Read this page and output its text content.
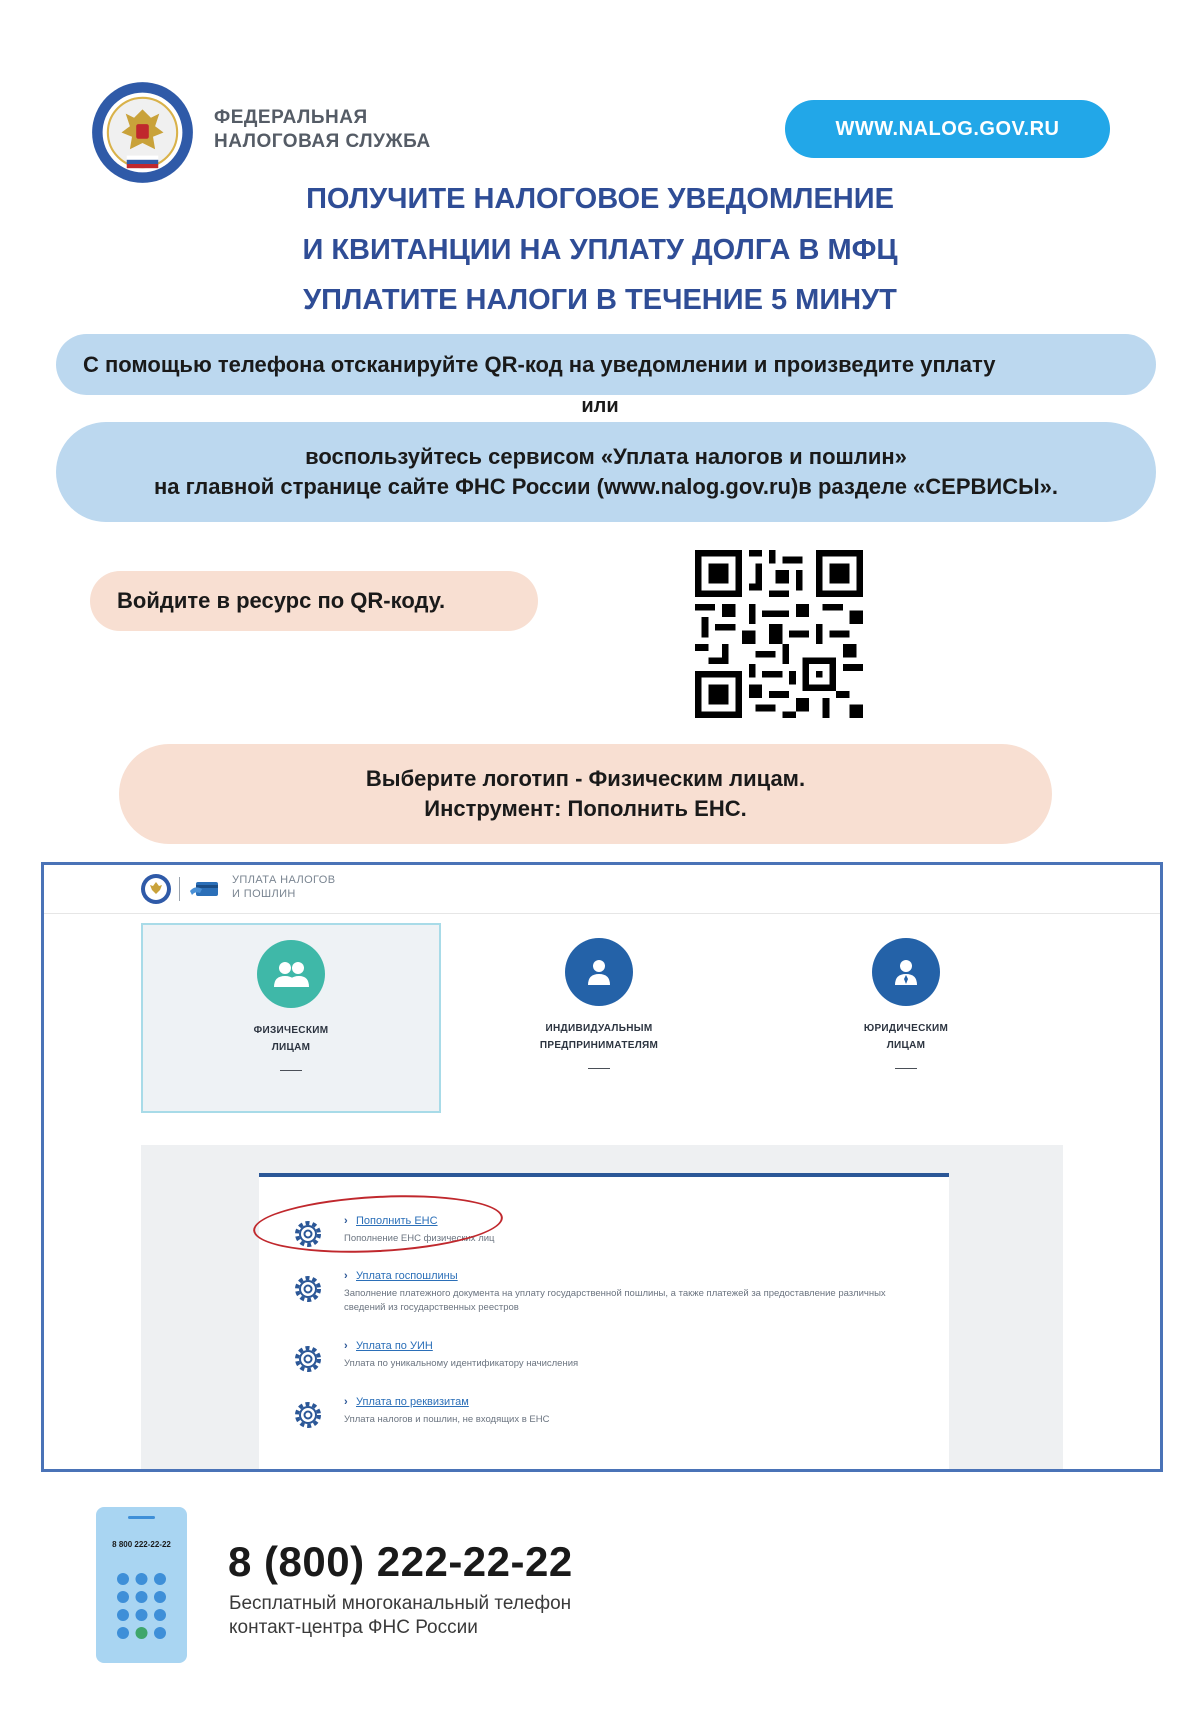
ФЕДЕРАЛЬНАЯ
НАЛОГОВАЯ СЛУЖБА
WWW.NALOG.GOV.RU
ПОЛУЧИТЕ НАЛОГОВОЕ УВЕДОМЛЕНИЕ
И КВИТАНЦИИ НА УПЛАТУ ДОЛГА В МФЦ
УПЛАТИТЕ НАЛОГИ В ТЕЧЕНИЕ 5 МИНУТ
С помощью телефона отсканируйте QR-код на уведомлении и произведите уплату
или
воспользуйтесь сервисом «Уплата налогов и пошлин»
на главной странице сайте ФНС России (www.nalog.gov.ru)в разделе «СЕРВИСЫ».
Войдите в ресурс по QR-коду.
Выберите логотип - Физическим лицам.
Инструмент: Пополнить ЕНС.
УПЛАТА НАЛОГОВ
И ПОШЛИН
ФИЗИЧЕСКИМ
ЛИЦАМ
ИНДИВИДУАЛЬНЫМ
ПРЕДПРИНИМАТЕЛЯМ
ЮРИДИЧЕСКИМ
ЛИЦАМ
› Пополнить ЕНС
Пополнение ЕНС физических лиц
› Уплата госпошлины
Заполнение платежного документа на уплату государственной пошлины, а также платежей за предоставление различных сведений из государственных реестров
› Уплата по УИН
Уплата по уникальному идентификатору начисления
› Уплата по реквизитам
Уплата налогов и пошлин, не входящих в ЕНС
8 800 222-22-22 8 (800) 222-22-22
Бесплатный многоканальный телефон
контакт-центра ФНС России
